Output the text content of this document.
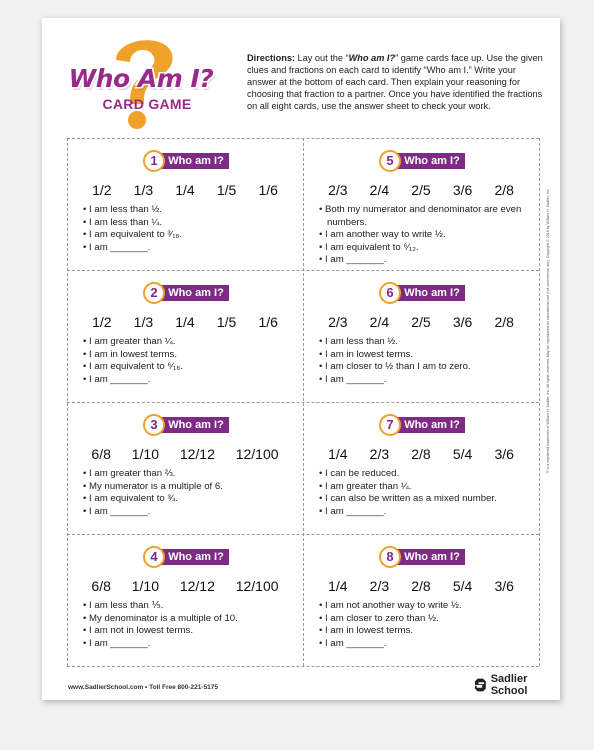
Who Am I?
CARD GAME
Directions: Lay out the “Who am I?” game cards face up. Use the given clues and fractions on each card to identify “Who am I.” Write your answer at the bottom of each card. Then explain your reasoning for choosing that fraction to a partner. Once you have identified the fractions on all eight cards, use the answer sheet to check your work.
Who am I?
1
1/2 1/3 1/4 1/5 1/6
• I am less than ½.
• I am less than ¼.
• I am equivalent to ³⁄₁₈.
• I am _______.
Who am I?
2
1/2 1/3 1/4 1/5 1/6
• I am greater than ¼.
• I am in lowest terms.
• I am equivalent to ⁶⁄₁₈.
• I am _______.
Who am I?
3
6/8 1/10 12/12 12/100
• I am greater than ⅔.
• My numerator is a multiple of 6.
• I am equivalent to ¾.
• I am _______.
Who am I?
4
6/8 1/10 12/12 12/100
• I am less than ⅕.
• My denominator is a multiple of 10.
• I am not in lowest terms.
• I am _______.
Who am I?
5
2/3 2/4 2/5 3/6 2/8
• Both my numerator and denominator are even numbers.
• I am another way to write ½.
• I am equivalent to ⁶⁄₁₂.
• I am _______.
Who am I?
6
2/3 2/4 2/5 3/6 2/8
• I am less than ½.
• I am in lowest terms.
• I am closer to ½ than I am to zero.
• I am _______.
Who am I?
7
1/4 2/3 2/8 5/4 3/6
• I can be reduced.
• I am greater than ¼.
• I can also be written as a mixed number.
• I am _______.
Who am I?
8
1/4 2/3 2/8 5/4 3/6
• I am not another way to write ½.
• I am closer to zero than ½.
• I am in lowest terms.
• I am _______.
® is a registered trademark of William H. Sadlier, Inc. All rights reserved. May be reproduced for educational use (not commercial use). Copyright © 2016 by William H. Sadlier, Inc.
www.SadlierSchool.com • Toll Free 800-221-5175
Sadlier School
